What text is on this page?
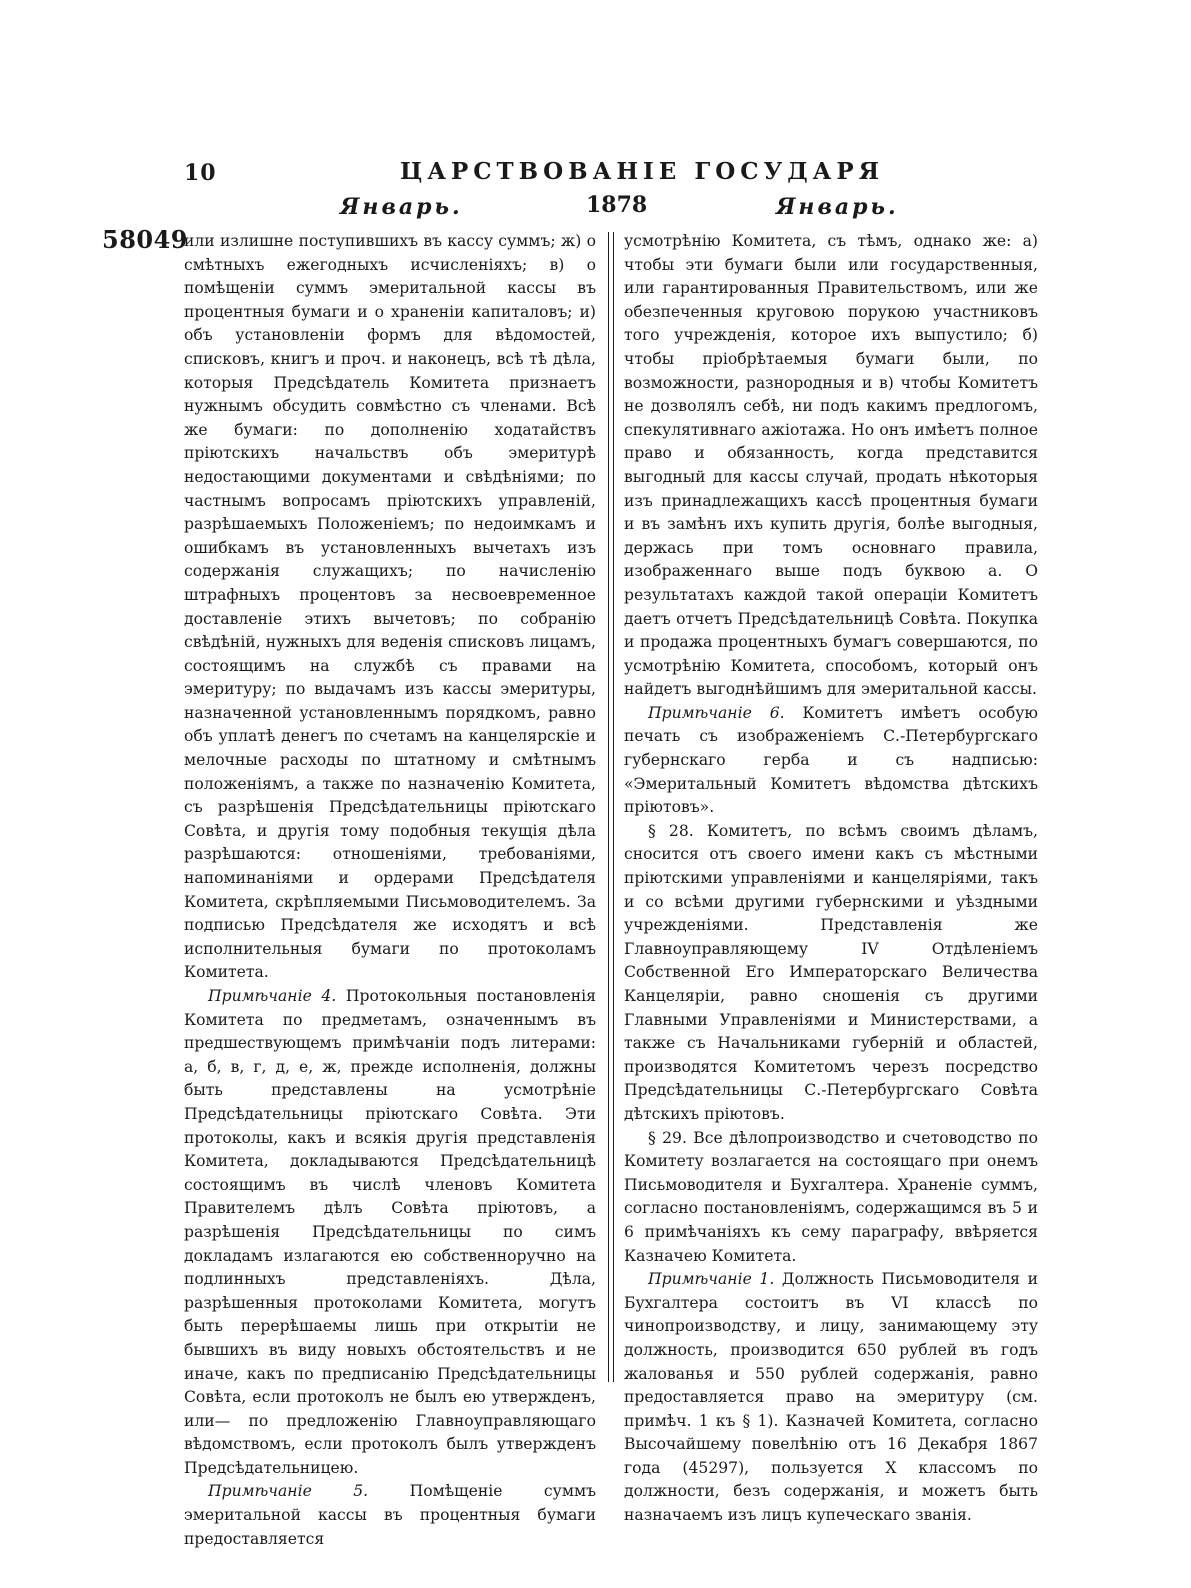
10	ЦАРСТВОВАНІЕ ГОСУДАРЯ
Январь.	1878	Январь.
58049

или излишне поступившихъ въ кассу суммъ; ж) о смѣтныхъ ежегодныхъ исчисленіяхъ; в) о помѣщеніи суммъ эмеритальной кассы въ процентныя бумаги и о храненіи капиталовъ; и) объ установленіи формъ для вѣдомостей, списковъ, книгъ и проч. и наконецъ, всѣ тѣ дѣла, которыя Предсѣдатель Комитета признаетъ нужнымъ обсудить совмѣстно съ членами. Всѣ же бумаги: по дополненію ходатайствъ пріютскихъ начальствъ объ эмеритурѣ недостающими документами и свѣдѣніями; по частнымъ вопросамъ пріютскихъ управленій, разрѣшаемыхъ Положеніемъ; по недоимкамъ и ошибкамъ въ установленныхъ вычетахъ изъ содержанія служащихъ; по начисленію штрафныхъ процентовъ за несвоевременное доставленіе этихъ вычетовъ; по собранію свѣдѣній, нужныхъ для веденія списковъ лицамъ, состоящимъ на службѣ съ правами на эмеритуру; по выдачамъ изъ кассы эмеритуры, назначенной установленнымъ порядкомъ, равно объ уплатѣ денегъ по счетамъ на канцелярскіе и мелочные расходы по штатному и смѣтнымъ положеніямъ, а также по назначенію Комитета, съ разрѣшенія Предсѣдательницы пріютскаго Совѣта, и другія тому подобныя текущія дѣла разрѣшаются: отношеніями, требованіями, напоминаніями и ордерами Предсѣдателя Комитета, скрѣпляемыми Письмоводителемъ. За подписью Предсѣдателя же исходятъ и всѣ исполнительныя бумаги по протоколамъ Комитета.

Примѣчаніе 4. Протокольныя постановленія Комитета по предметамъ, означеннымъ въ предшествующемъ примѣчаніи подъ литерами: а, б, в, г, д, е, ж, прежде исполненія, должны быть представлены на усмотрѣніе Предсѣдательницы пріютскаго Совѣта. Эти протоколы, какъ и всякія другія представленія Комитета, докладываются Предсѣдательницѣ состоящимъ въ числѣ членовъ Комитета Правителемъ дѣлъ Совѣта пріютовъ, а разрѣшенія Предсѣдательницы по симъ докладамъ излагаются ею собственноручно на подлинныхъ представленіяхъ. Дѣла, разрѣшенныя протоколами Комитета, могутъ быть перерѣшаемы лишь при открытіи не бывшихъ въ виду новыхъ обстоятельствъ и не иначе, какъ по предписанію Предсѣдательницы Совѣта, если протоколъ не былъ ею утвержденъ, или— по предложенію Главноуправляющаго вѣдомствомъ, если протоколъ былъ утвержденъ Предсѣдательницею.

Примѣчаніе 5. Помѣщеніе суммъ эмеритальной кассы въ процентныя бумаги предоставляется

усмотрѣнію Комитета, съ тѣмъ, однако же: а) чтобы эти бумаги были или государственныя, или гарантированныя Правительствомъ, или же обезпеченныя круговою порукою участниковъ того учрежденія, которое ихъ выпустило; б) чтобы пріобрѣтаемыя бумаги были, по возможности, разнородныя и в) чтобы Комитетъ не дозволялъ себѣ, ни подъ какимъ предлогомъ, спекулятивнаго ажіотажа. Но онъ имѣетъ полное право и обязанность, когда представится выгодный для кассы случай, продать нѣкоторыя изъ принадлежащихъ кассѣ процентныя бумаги и въ замѣнъ ихъ купить другія, болѣе выгодныя, держась при томъ основнаго правила, изображеннаго выше подъ буквою а. О результатахъ каждой такой операціи Комитетъ даетъ отчетъ Предсѣдательницѣ Совѣта. Покупка и продажа процентныхъ бумагъ совершаются, по усмотрѣнію Комитета, способомъ, который онъ найдетъ выгоднѣйшимъ для эмеритальной кассы.

Примѣчаніе 6. Комитетъ имѣетъ особую печать съ изображеніемъ С.-Петербургскаго губернскаго герба и съ надписью: «Эмеритальный Комитетъ вѣдомства дѣтскихъ пріютовъ».

§ 28. Комитетъ, по всѣмъ своимъ дѣламъ, сносится отъ своего имени какъ съ мѣстными пріютскими управленіями и канцеляріями, такъ и со всѣми другими губернскими и уѣздными учрежденіями. Представленія же Главноуправляющему IV Отдѣленіемъ Собственной Его Императорскаго Величества Канцеляріи, равно сношенія съ другими Главными Управленіями и Министерствами, а также съ Начальниками губерній и областей, производятся Комитетомъ черезъ посредство Предсѣдательницы С.-Петербургскаго Совѣта дѣтскихъ пріютовъ.

§ 29. Все дѣлопроизводство и счетоводство по Комитету возлагается на состоящаго при онемъ Письмоводителя и Бухгалтера. Храненіе суммъ, согласно постановленіямъ, содержащимся въ 5 и 6 примѣчаніяхъ къ сему параграфу, ввѣряется Казначею Комитета.

Примѣчаніе 1. Должность Письмоводителя и Бухгалтера состоитъ въ VI классѣ по чинопроизводству, и лицу, занимающему эту должность, производится 650 рублей въ годъ жалованья и 550 рублей содержанія, равно предоставляется право на эмеритуру (см. примѣч. 1 къ § 1). Казначей Комитета, согласно Высочайшему повелѣнію отъ 16 Декабря 1867 года (45297), пользуется X классомъ по должности, безъ содержанія, и можетъ быть назначаемъ изъ лицъ купеческаго званія.
